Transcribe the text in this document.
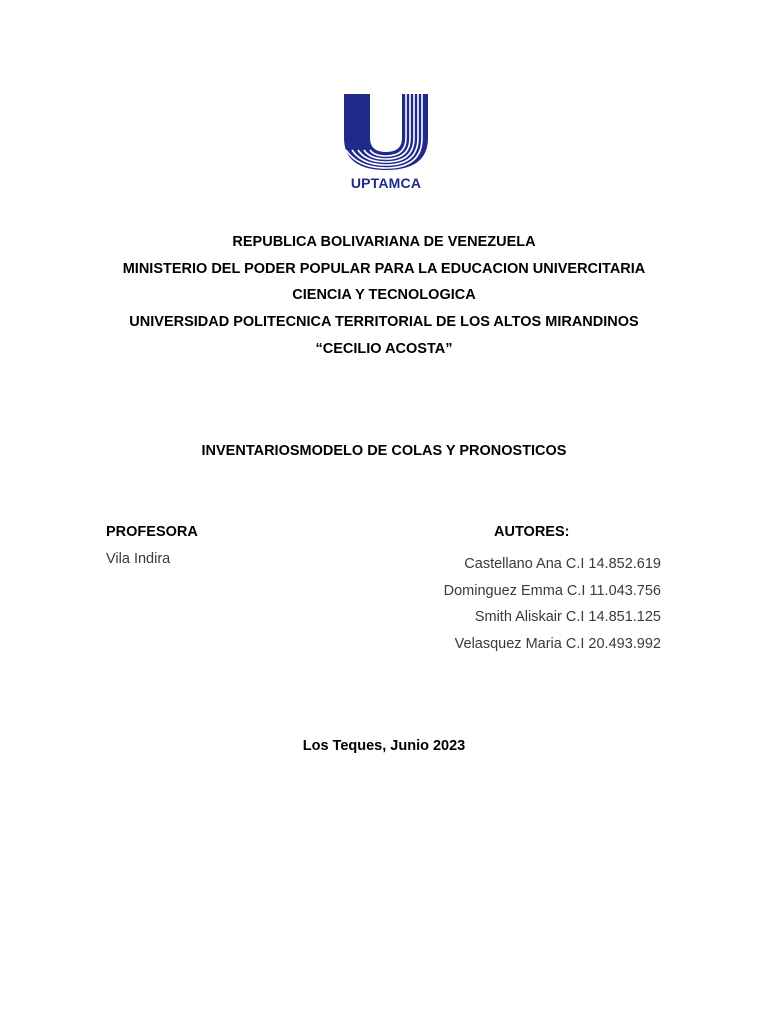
UPTAMCA
REPUBLICA BOLIVARIANA DE VENEZUELA
MINISTERIO DEL PODER POPULAR PARA LA EDUCACION UNIVERCITARIA
CIENCIA Y TECNOLOGICA
UNIVERSIDAD POLITECNICA TERRITORIAL DE LOS ALTOS MIRANDINOS
“CECILIO ACOSTA”
INVENTARIOSMODELO DE COLAS Y PRONOSTICOS
PROFESORA
Vila Indira
AUTORES:
Castellano Ana C.I 14.852.619
Dominguez Emma C.I 11.043.756
Smith Aliskair C.I 14.851.125
Velasquez Maria C.I 20.493.992
Los Teques, Junio 2023
